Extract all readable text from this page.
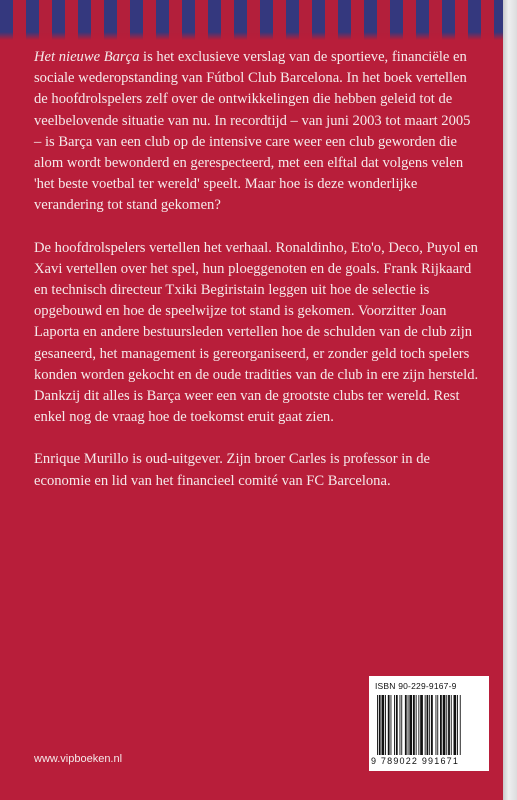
Het nieuwe Barça is het exclusieve verslag van de sportieve, financiële en sociale wederopstanding van Fútbol Club Barcelona. In het boek vertellen de hoofdrolspelers zelf over de ontwikkelingen die hebben geleid tot de veelbelovende situatie van nu. In recordtijd – van juni 2003 tot maart 2005 – is Barça van een club op de intensive care weer een club geworden die alom wordt bewonderd en gerespecteerd, met een elftal dat volgens velen 'het beste voetbal ter wereld' speelt. Maar hoe is deze wonderlijke verandering tot stand gekomen?

De hoofdrolspelers vertellen het verhaal. Ronaldinho, Eto'o, Deco, Puyol en Xavi vertellen over het spel, hun ploeggenoten en de goals. Frank Rijkaard en technisch directeur Txiki Begiristain leggen uit hoe de selectie is opgebouwd en hoe de speelwijze tot stand is gekomen. Voorzitter Joan Laporta en andere bestuursleden vertellen hoe de schulden van de club zijn gesaneerd, het management is gereorganiseerd, er zonder geld toch spelers konden worden gekocht en de oude tradities van de club in ere zijn hersteld. Dankzij dit alles is Barça weer een van de grootste clubs ter wereld. Rest enkel nog de vraag hoe de toekomst eruit gaat zien.

Enrique Murillo is oud-uitgever. Zijn broer Carles is professor in de economie en lid van het financieel comité van FC Barcelona.

www.vipboeken.nl
ISBN 90-229-9167-9
9 789022 991671
